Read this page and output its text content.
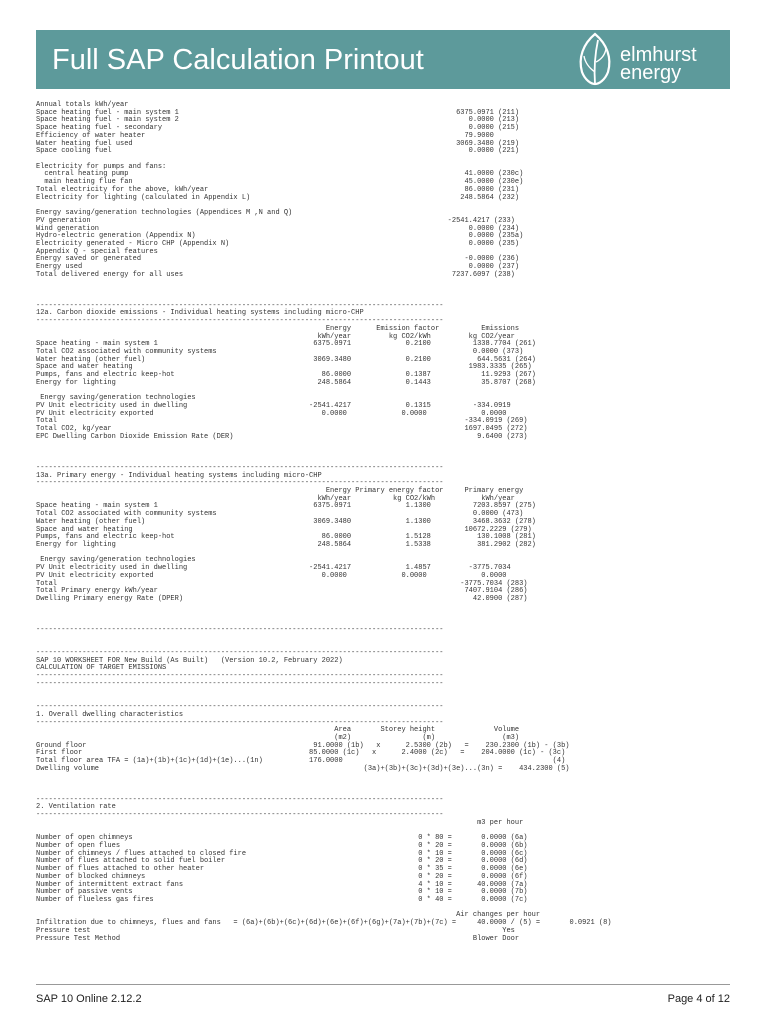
Full SAP Calculation Printout	elmhurst
energy
Annual totals kWh/year
Space heating fuel - main system 1                                                                  6375.0971 (211)
Space heating fuel - main system 2                                                                     0.0000 (213)
Space heating fuel - secondary                                                                         0.0000 (215)
Efficiency of water heater                                                                            79.9000
Water heating fuel used                                                                             3069.3480 (219)
Space cooling fuel                                                                                     0.0000 (221)
Electricity for pumps and fans:
central heating pump                                                                                41.0000 (230c)
main heating flue fan                                                                               45.0000 (230e)
Total electricity for the above, kWh/year                                                             86.0000 (231)
Electricity for lighting (calculated in Appendix L)                                                  248.5864 (232)
Energy saving/generation technologies (Appendices M ,N and Q)
PV generation                                                                                     -2541.4217 (233)
Wind generation                                                                                        0.0000 (234)
Hydro-electric generation (Appendix N)                                                                 0.0000 (235a)
Electricity generated - Micro CHP (Appendix N)                                                         0.0000 (235)
Appendix Q - special features
Energy saved or generated                                                                             -0.0000 (236)
Energy used                                                                                            0.0000 (237)
Total delivered energy for all uses                                                                7237.6097 (238)
-------------------------------------------------------------------------------------------------
12a. Carbon dioxide emissions - Individual heating systems including micro-CHP
-------------------------------------------------------------------------------------------------
Energy      Emission factor          Emissions
kWh/year         kg CO2/kWh         kg CO2/year
Space heating - main system 1                                     6375.0971             0.2100          1338.7704 (261)
Total CO2 associated with community systems                                                             0.0000 (373)
Water heating (other fuel)                                        3069.3480             0.2100           644.5631 (264)
Space and water heating                                                                                1983.3335 (265)
Pumps, fans and electric keep-hot                                   86.0000             0.1387            11.9293 (267)
Energy for lighting                                                248.5864             0.1443            35.8707 (268)
Energy saving/generation technologies
PV Unit electricity used in dwelling                             -2541.4217             0.1315          -334.0919
PV Unit electricity exported                                        0.0000             0.0000             0.0000
Total                                                                                                 -334.0919 (269)
Total CO2, kg/year                                                                                    1697.0495 (272)
EPC Dwelling Carbon Dioxide Emission Rate (DER)                                                          9.6400 (273)
-------------------------------------------------------------------------------------------------
13a. Primary energy - Individual heating systems including micro-CHP
-------------------------------------------------------------------------------------------------
Energy Primary energy factor     Primary energy
kWh/year          kg CO2/kWh           kWh/year
Space heating - main system 1                                     6375.0971             1.1300          7203.8597 (275)
Total CO2 associated with community systems                                                             0.0000 (473)
Water heating (other fuel)                                        3069.3480             1.1300          3468.3632 (278)
Space and water heating                                                                               10672.2229 (279)
Pumps, fans and electric keep-hot                                   86.0000             1.5128           130.1008 (281)
Energy for lighting                                                248.5864             1.5338           381.2902 (282)
Energy saving/generation technologies
PV Unit electricity used in dwelling                             -2541.4217             1.4857         -3775.7034
PV Unit electricity exported                                        0.0000             0.0000             0.0000
Total                                                                                                -3775.7034 (283)
Total Primary energy kWh/year                                                                         7407.9104 (286)
Dwelling Primary energy Rate (DPER)                                                                     42.0900 (287)
-------------------------------------------------------------------------------------------------
-------------------------------------------------------------------------------------------------
SAP 10 WORKSHEET FOR New Build (As Built)   (Version 10.2, February 2022)
CALCULATION OF TARGET EMISSIONS
-------------------------------------------------------------------------------------------------
-------------------------------------------------------------------------------------------------
-------------------------------------------------------------------------------------------------
1. Overall dwelling characteristics
-------------------------------------------------------------------------------------------------
Area       Storey height              Volume
(m2)                 (m)                (m3)
Ground floor                                                      91.0000 (1b)   x      2.5300 (2b)   =    230.2300 (1b) - (3b)
First floor                                                      85.0000 (1c)   x      2.4000 (2c)   =    204.0000 (1c) - (3c)
Total floor area TFA = (1a)+(1b)+(1c)+(1d)+(1e)...(1n)           176.0000                                                  (4)
Dwelling volume                                                               (3a)+(3b)+(3c)+(3d)+(3e)...(3n) =    434.2300 (5)
-------------------------------------------------------------------------------------------------
2. Ventilation rate
-------------------------------------------------------------------------------------------------
m3 per hour
Number of open chimneys                                                                    0 * 80 =       0.0000 (6a)
Number of open flues                                                                       0 * 20 =       0.0000 (6b)
Number of chimneys / flues attached to closed fire                                         0 * 10 =       0.0000 (6c)
Number of flues attached to solid fuel boiler                                              0 * 20 =       0.0000 (6d)
Number of flues attached to other heater                                                   0 * 35 =       0.0000 (6e)
Number of blocked chimneys                                                                 0 * 20 =       0.0000 (6f)
Number of intermittent extract fans                                                        4 * 10 =      40.0000 (7a)
Number of passive vents                                                                    0 * 10 =       0.0000 (7b)
Number of flueless gas fires                                                               0 * 40 =       0.0000 (7c)
Air changes per hour
Infiltration due to chimneys, flues and fans   = (6a)+(6b)+(6c)+(6d)+(6e)+(6f)+(6g)+(7a)+(7b)+(7c) =     40.0000 / (5) =       0.0921 (8)
Pressure test                                                                                                  Yes
Pressure Test Method                                                                                    Blower Door
SAP 10 Online 2.12.2	Page 4 of 12
